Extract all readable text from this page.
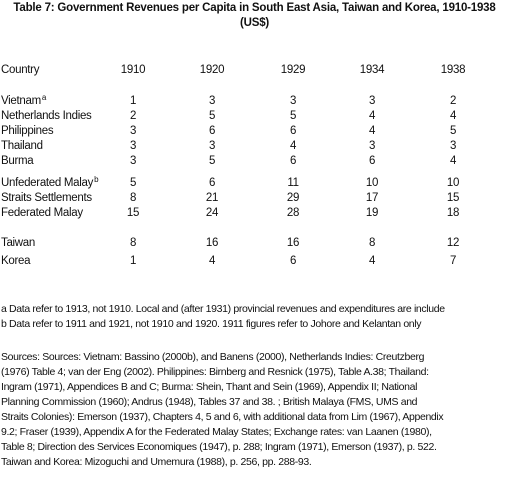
Table 7: Government Revenues per Capita in South East Asia, Taiwan and Korea, 1910-1938
(US$)
Country	1910	1920	1929	1934	1938
Vietnam$^a$	1	3	3	3	2
Netherlands Indies	2	5	5	4	4
Philippines	3	6	6	4	5
Thailand	3	3	4	3	3
Burma	3	5	6	6	4
Unfederated Malay$^b$	5	6	11	10	10
Straits Settlements	8	21	29	17	15
Federated Malay	15	24	28	19	18
Taiwan	8	16	16	8	12
Korea	1	4	6	4	7
a Data refer to 1913, not 1910. Local and (after 1931) provincial revenues and expenditures are include
b Data refer to 1911 and 1921, not 1910 and 1920. 1911 figures refer to Johore and Kelantan only
Sources: Sources: Vietnam: Bassino (2000b), and Banens (2000), Netherlands Indies: Creutzberg
(1976) Table 4; van der Eng (2002). Philippines: Birnberg and Resnick (1975), Table A.38; Thailand:
Ingram (1971), Appendices B and C; Burma: Shein, Thant and Sein (1969), Appendix II; National
Planning Commission (1960); Andrus (1948), Tables 37 and 38. ; British Malaya (FMS, UMS and
Straits Colonies): Emerson (1937), Chapters 4, 5 and 6, with additional data from Lim (1967), Appendix
9.2; Fraser (1939), Appendix A for the Federated Malay States; Exchange rates: van Laanen (1980),
Table 8; Direction des Services Economiques (1947), p. 288; Ingram (1971), Emerson (1937), p. 522.
Taiwan and Korea: Mizoguchi and Umemura (1988), p. 256, pp. 288-93.
